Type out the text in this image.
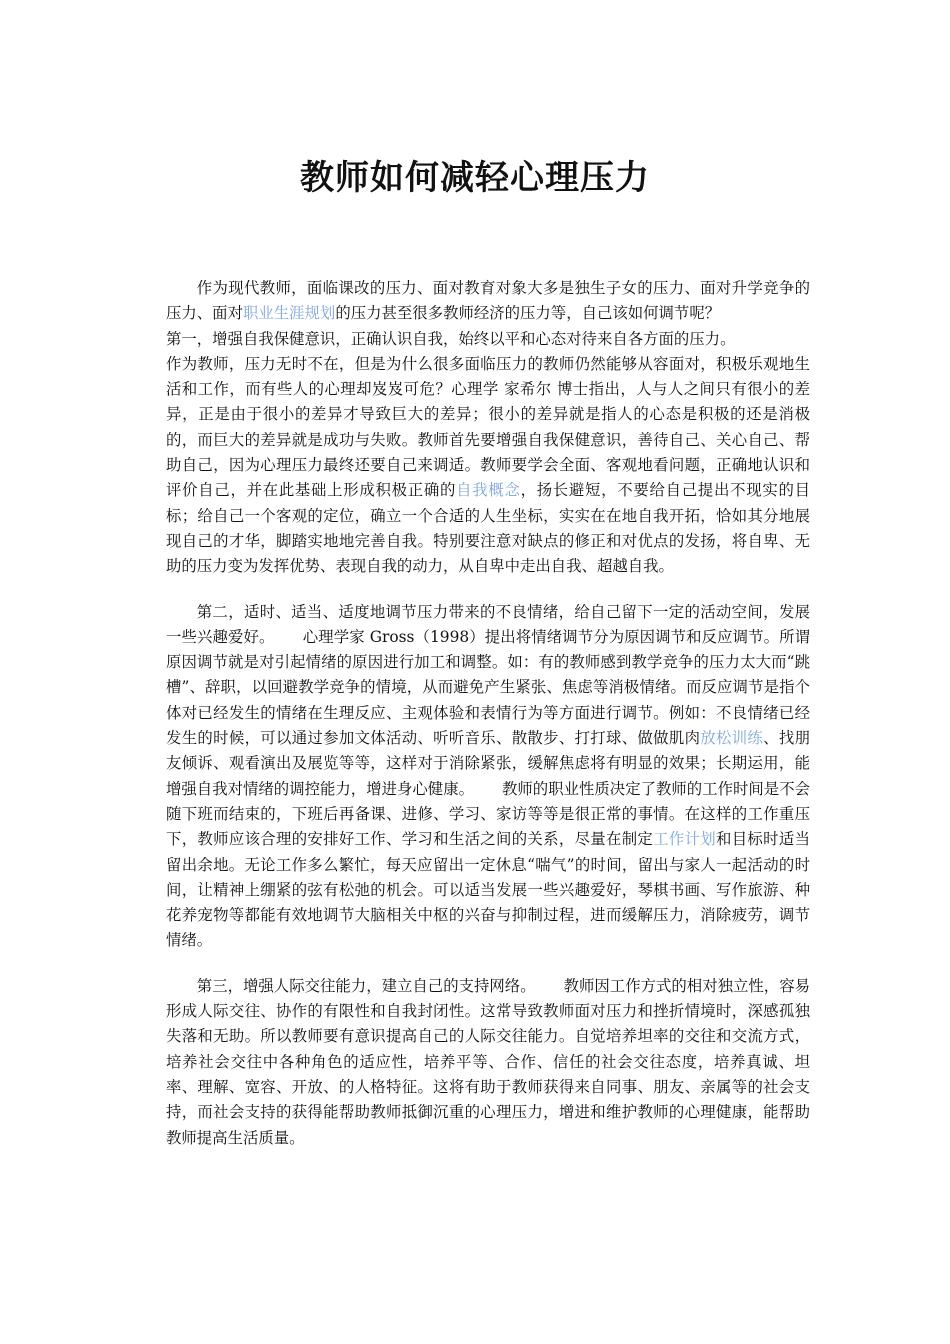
教师如何减轻心理压力

作为现代教师，面临课改的压力、面对教育对象大多是独生子女的压力、面对升学竞争的压力、面对职业生涯规划的压力甚至很多教师经济的压力等，自己该如何调节呢？

第一，增强自我保健意识，正确认识自我，始终以平和心态对待来自各方面的压力。

作为教师，压力无时不在，但是为什么很多面临压力的教师仍然能够从容面对，积极乐观地生活和工作，而有些人的心理却岌岌可危？心理学 家希尔 博士指出，人与人之间只有很小的差异，正是由于很小的差异才导致巨大的差异；很小的差异就是指人的心态是积极的还是消极的，而巨大的差异就是成功与失败。教师首先要增强自我保健意识，善待自己、关心自己、帮助自己，因为心理压力最终还要自己来调适。教师要学会全面、客观地看问题，正确地认识和评价自己，并在此基础上形成积极正确的自我概念，扬长避短，不要给自己提出不现实的目标；给自己一个客观的定位，确立一个合适的人生坐标，实实在在地自我开拓，恰如其分地展现自己的才华，脚踏实地地完善自我。特别要注意对缺点的修正和对优点的发扬，将自卑、无助的压力变为发挥优势、表现自我的动力，从自卑中走出自我、超越自我。

第二，适时、适当、适度地调节压力带来的不良情绪，给自己留下一定的活动空间，发展一些兴趣爱好。　　 心理学家 Gross（1998）提出将情绪调节分为原因调节和反应调节。所谓原因调节就是对引起情绪的原因进行加工和调整。如：有的教师感到教学竞争的压力太大而“跳槽”、辞职，以回避教学竞争的情境，从而避免产生紧张、焦虑等消极情绪。而反应调节是指个体对已经发生的情绪在生理反应、主观体验和表情行为等方面进行调节。例如：不良情绪已经发生的时候，可以通过参加文体活动、听听音乐、散散步、打打球、做做肌肉放松训练、找朋友倾诉、观看演出及展览等等，这样对于消除紧张，缓解焦虑将有明显的效果；长期运用，能增强自我对情绪的调控能力，增进身心健康。　　 教师的职业性质决定了教师的工作时间是不会随下班而结束的，下班后再备课、进修、学习、家访等等是很正常的事情。在这样的工作重压下，教师应该合理的安排好工作、学习和生活之间的关系，尽量在制定工作计划和目标时适当留出余地。无论工作多么繁忙，每天应留出一定休息“喘气”的时间，留出与家人一起活动的时间，让精神上绷紧的弦有松弛的机会。可以适当发展一些兴趣爱好，琴棋书画、写作旅游、种花养宠物等都能有效地调节大脑相关中枢的兴奋与抑制过程，进而缓解压力，消除疲劳，调节情绪。

第三，增强人际交往能力，建立自己的支持网络。　　 教师因工作方式的相对独立性，容易形成人际交往、协作的有限性和自我封闭性。这常导致教师面对压力和挫折情境时，深感孤独失落和无助。所以教师要有意识提高自己的人际交往能力。自觉培养坦率的交往和交流方式，培养社会交往中各种角色的适应性，培养平等、合作、信任的社会交往态度，培养真诚、坦率、理解、宽容、开放、的人格特征。这将有助于教师获得来自同事、朋友、亲属等的社会支持，而社会支持的获得能帮助教师抵御沉重的心理压力，增进和维护教师的心理健康，能帮助教师提高生活质量。
